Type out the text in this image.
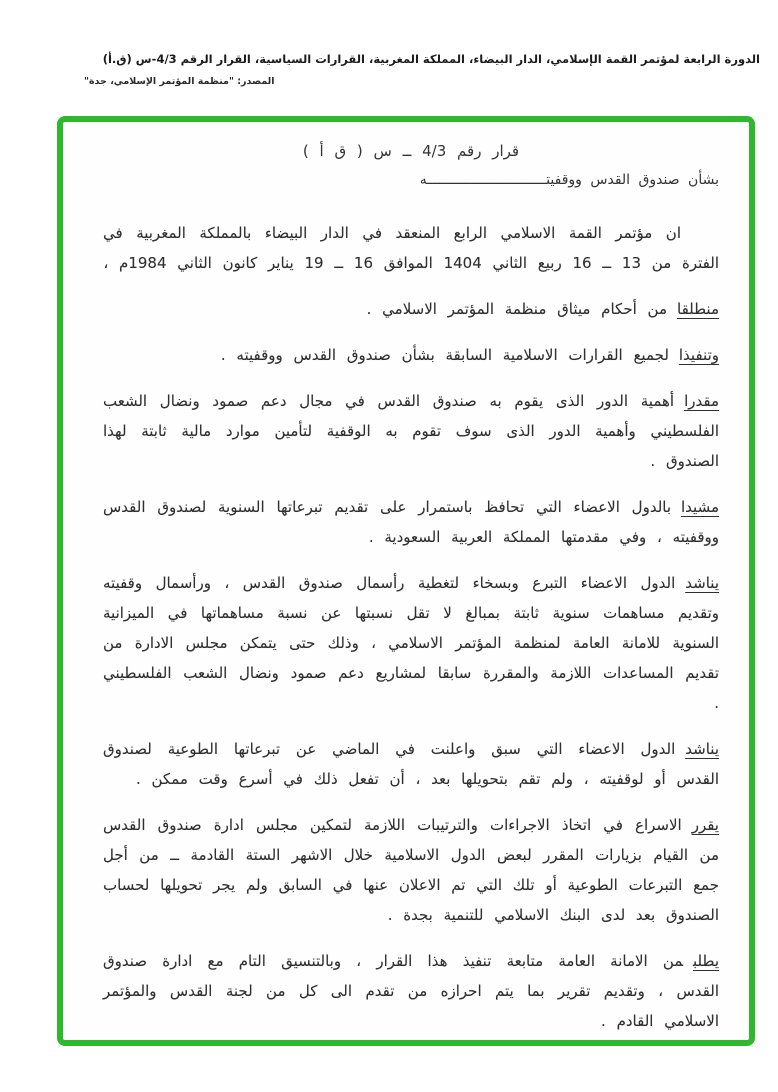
الدورة الرابعة لمؤتمر القمة الإسلامي، الدار البيضاء، المملكة المغربية، القرارات السياسية، القرار الرقم 4/3-س (ق.أ)
المصدر: "منظمة المؤتمر الإسلامي، جدة"
قرار رقم 4/3 ــ س ( ق أ )
بشأن صندوق القدس ووقفيتـــــــــــــــــــــــــــــه

ان مؤتمر القمة الاسلامي الرابع المنعقد في الدار البيضاء بالمملكة المغربية في الفترة من 13 ــ 16 ربيع الثاني 1404 الموافق 16 ــ 19 يناير كانون الثاني 1984م ،

منطلقامن أحكام ميثاق منظمة المؤتمر الاسلامي .

وتنفيذالجميع القرارات الاسلامية السابقة بشأن صندوق القدس ووقفيته .

مقدراأهمية الدور الذى يقوم به صندوق القدس في مجال دعم صمود ونضال الشعب الفلسطيني وأهمية الدور الذى سوف تقوم به الوقفية لتأمين موارد مالية ثابتة لهذا الصندوق .

مشيدابالدول الاعضاء التي تحافظ باستمرار على تقديم تبرعاتها السنوية لصندوق القدس ووقفيته ، وفي مقدمتها المملكة العربية السعودية .

يناشدالدول الاعضاء التبرع وبسخاء لتغطية رأسمال صندوق القدس ، ورأسمال وقفيته وتقديم مساهمات سنوية ثابتة بمبالغ لا تقل نسبتها عن نسبة مساهماتها في الميزانية السنوية للامانة العامة لمنظمة المؤتمر الاسلامي ، وذلك حتى يتمكن مجلس الادارة من تقديم المساعدات اللازمة والمقررة سابقا لمشاريع دعم صمود ونضال الشعب الفلسطيني .

يناشدالدول الاعضاء التي سبق واعلنت في الماضي عن تبرعاتها الطوعية لصندوق القدس أو لوقفيته ، ولم تقم بتحويلها بعد ، أن تفعل ذلك في أسرع وقت ممكن .

يقررالاسراع في اتخاذ الاجراءات والترتيبات اللازمة لتمكين مجلس ادارة صندوق القدس من القيام بزيارات المقرر لبعض الدول الاسلامية خلال الاشهر الستة القادمة ــ من أجل جمع التبرعات الطوعية أو تلك التي تم الاعلان عنها في السابق ولم يجر تحويلها لحساب الصندوق بعد لدى البنك الاسلامي للتنمية بجدة .

يطلبمن الامانة العامة متابعة تنفيذ هذا القرار ، وبالتنسيق التام مع ادارة صندوق القدس ، وتقديم تقرير بما يتم احرازه من تقدم الى كل من لجنة القدس والمؤتمر الاسلامي القادم .
